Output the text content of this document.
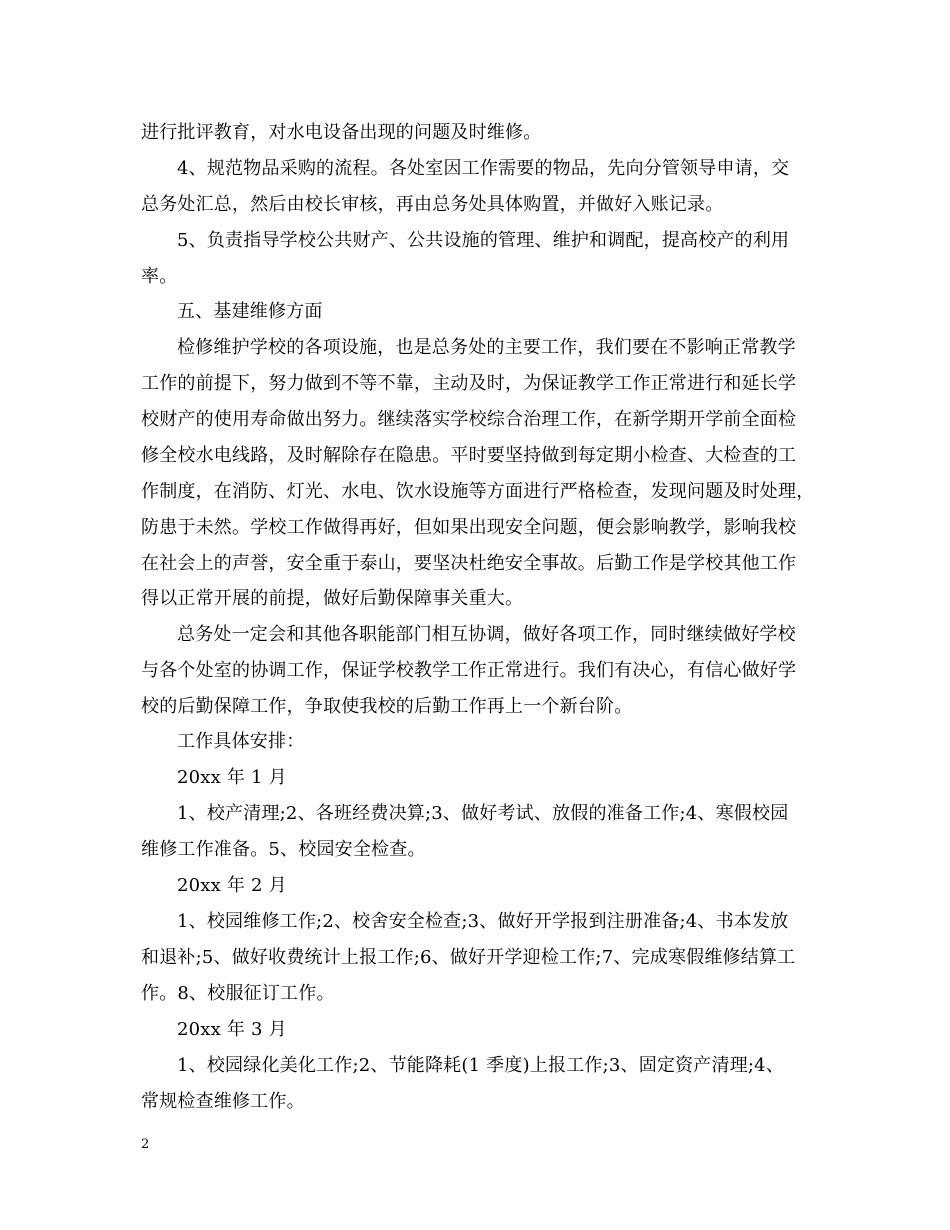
进行批评教育，对水电设备出现的问题及时维修。
4、规范物品采购的流程。各处室因工作需要的物品，先向分管领导申请，交
总务处汇总，然后由校长审核，再由总务处具体购置，并做好入账记录。
5、负责指导学校公共财产、公共设施的管理、维护和调配，提高校产的利用
率。
五、基建维修方面
检修维护学校的各项设施，也是总务处的主要工作，我们要在不影响正常教学
工作的前提下，努力做到不等不靠，主动及时，为保证教学工作正常进行和延长学
校财产的使用寿命做出努力。继续落实学校综合治理工作，在新学期开学前全面检
修全校水电线路，及时解除存在隐患。平时要坚持做到每定期小检查、大检查的工
作制度，在消防、灯光、水电、饮水设施等方面进行严格检查，发现问题及时处理，
防患于未然。学校工作做得再好，但如果出现安全问题，便会影响教学，影响我校
在社会上的声誉，安全重于泰山，要坚决杜绝安全事故。后勤工作是学校其他工作
得以正常开展的前提，做好后勤保障事关重大。
总务处一定会和其他各职能部门相互协调，做好各项工作，同时继续做好学校
与各个处室的协调工作，保证学校教学工作正常进行。我们有决心，有信心做好学
校的后勤保障工作，争取使我校的后勤工作再上一个新台阶。
工作具体安排：
20xx 年 1 月
1、校产清理;2、各班经费决算;3、做好考试、放假的准备工作;4、寒假校园
维修工作准备。5、校园安全检查。
20xx 年 2 月
1、校园维修工作;2、校舍安全检查;3、做好开学报到注册准备;4、书本发放
和退补;5、做好收费统计上报工作;6、做好开学迎检工作;7、完成寒假维修结算工
作。8、校服征订工作。
20xx 年 3 月
1、校园绿化美化工作;2、节能降耗(1 季度)上报工作;3、固定资产清理;4、
常规检查维修工作。
2
